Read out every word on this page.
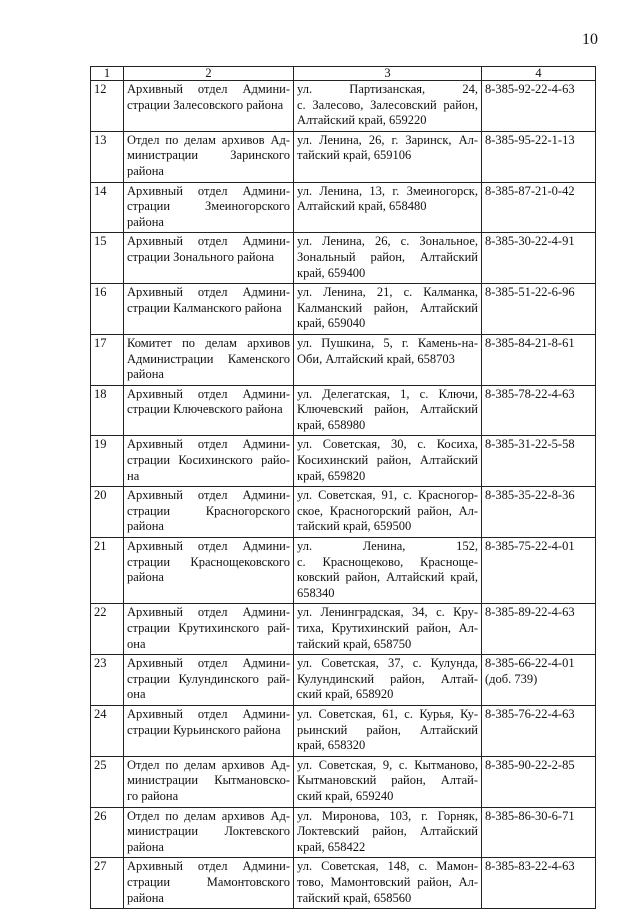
10
1	2	3	4
12	Архивный отдел Админи-
страции Залесовского района	ул. Партизанская, 24,
с. Залесово, Залесовский район,
Алтайский край, 659220	8-385-92-22-4-63
13	Отдел по делам архивов Ад-
министрации Заринского
района	ул. Ленина, 26, г. Заринск, Ал-
тайский край, 659106	8-385-95-22-1-13
14	Архивный отдел Админи-
страции Змеиногорского
района	ул. Ленина, 13, г. Змеиногорск,
Алтайский край, 658480	8-385-87-21-0-42
15	Архивный отдел Админи-
страции Зонального района	ул. Ленина, 26, с. Зональное,
Зональный район, Алтайский
край, 659400	8-385-30-22-4-91
16	Архивный отдел Админи-
страции Калманского района	ул. Ленина, 21, с. Калманка,
Калманский район, Алтайский
край, 659040	8-385-51-22-6-96
17	Комитет по делам архивов
Администрации Каменского
района	ул. Пушкина, 5, г. Камень-на-
Оби, Алтайский край, 658703	8-385-84-21-8-61
18	Архивный отдел Админи-
страции Ключевского района	ул. Делегатская, 1, с. Ключи,
Ключевский район, Алтайский
край, 658980	8-385-78-22-4-63
19	Архивный отдел Админи-
страции Косихинского райо-
на	ул. Советская, 30, с. Косиха,
Косихинский район, Алтайский
край, 659820	8-385-31-22-5-58
20	Архивный отдел Админи-
страции Красногорского
района	ул. Советская, 91, с. Красногор-
ское, Красногорский район, Ал-
тайский край, 659500	8-385-35-22-8-36
21	Архивный отдел Админи-
страции Краснощековского
района	ул. Ленина, 152,
с. Краснощеково, Краснощe-
ковский район, Алтайский край,
658340	8-385-75-22-4-01
22	Архивный отдел Админи-
страции Крутихинского рай-
она	ул. Ленинградская, 34, с. Кру-
тиха, Крутихинский район, Ал-
тайский край, 658750	8-385-89-22-4-63
23	Архивный отдел Админи-
страции Кулундинского рай-
она	ул. Советская, 37, с. Кулунда,
Кулундинский район, Алтай-
ский край, 658920	8-385-66-22-4-01
(доб. 739)
24	Архивный отдел Админи-
страции Курьинского района	ул. Советская, 61, с. Курья, Ку-
рьинский район, Алтайский
край, 658320	8-385-76-22-4-63
25	Отдел по делам архивов Ад-
министрации Кытмановско-
го района	ул. Советская, 9, с. Кытманово,
Кытмановский район, Алтай-
ский край, 659240	8-385-90-22-2-85
26	Отдел по делам архивов Ад-
министрации Локтевского
района	ул. Миронова, 103, г. Горняк,
Локтевский район, Алтайский
край, 658422	8-385-86-30-6-71
27	Архивный отдел Админи-
страции Мамонтовского
района	ул. Советская, 148, с. Мамон-
тово, Мамонтовский район, Ал-
тайский край, 658560	8-385-83-22-4-63
